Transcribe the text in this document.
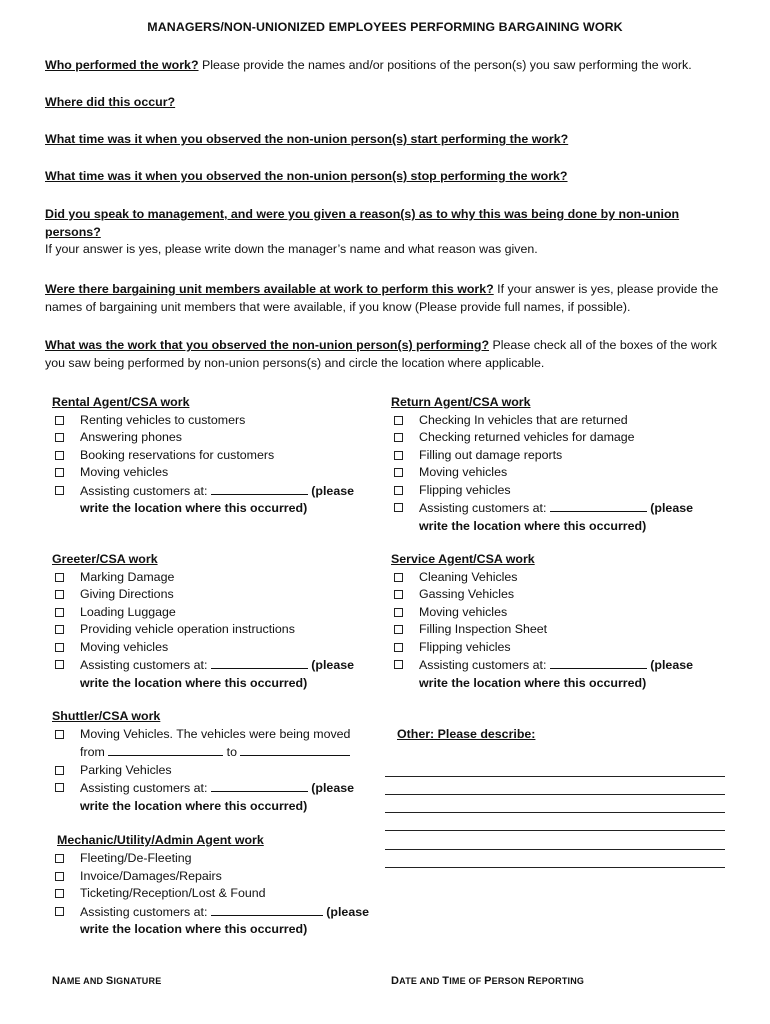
MANAGERS/NON-UNIONIZED EMPLOYEES PERFORMING BARGAINING WORK
Who performed the work? Please provide the names and/or positions of the person(s) you saw performing the work.
Where did this occur?
What time was it when you observed the non-union person(s) start performing the work?
What time was it when you observed the non-union person(s) stop performing the work?
Did you speak to management, and were you given a reason(s) as to why this was being done by non-union persons?
If your answer is yes, please write down the manager’s name and what reason was given.
Were there bargaining unit members available at work to perform this work? If your answer is yes, please provide the names of bargaining unit members that were available, if you know (Please provide full names, if possible).
What was the work that you observed the non-union person(s) performing? Please check all of the boxes of the work you saw being performed by non-union persons(s) and circle the location where applicable.
Rental Agent/CSA work
Renting vehicles to customers
Answering phones
Booking reservations for customers
Moving vehicles
Assisting customers at:	(please
write the location where this occurred)
Return Agent/CSA work
Checking In vehicles that are returned
Checking returned vehicles for damage
Filling out damage reports
Moving vehicles
Flipping vehicles
Assisting customers at:	(please
write the location where this occurred)
Greeter/CSA work
Marking Damage
Giving Directions
Loading Luggage
Providing vehicle operation instructions
Moving vehicles
Assisting customers at:	(please
write the location where this occurred)
Service Agent/CSA work
Cleaning Vehicles
Gassing Vehicles
Moving vehicles
Filling Inspection Sheet
Flipping vehicles
Assisting customers at:	(please
write the location where this occurred)
Shuttler/CSA work
Moving Vehicles. The vehicles were being moved
from	to
Parking Vehicles
Assisting customers at:	(please
write the location where this occurred)
Mechanic/Utility/Admin Agent work
Fleeting/De-Fleeting
Invoice/Damages/Repairs
Ticketing/Reception/Lost & Found
Assisting customers at:	(please
write the location where this occurred)
Other: Please describe:
NAME AND SIGNATURE	DATE AND TIME OF PERSON REPORTING
